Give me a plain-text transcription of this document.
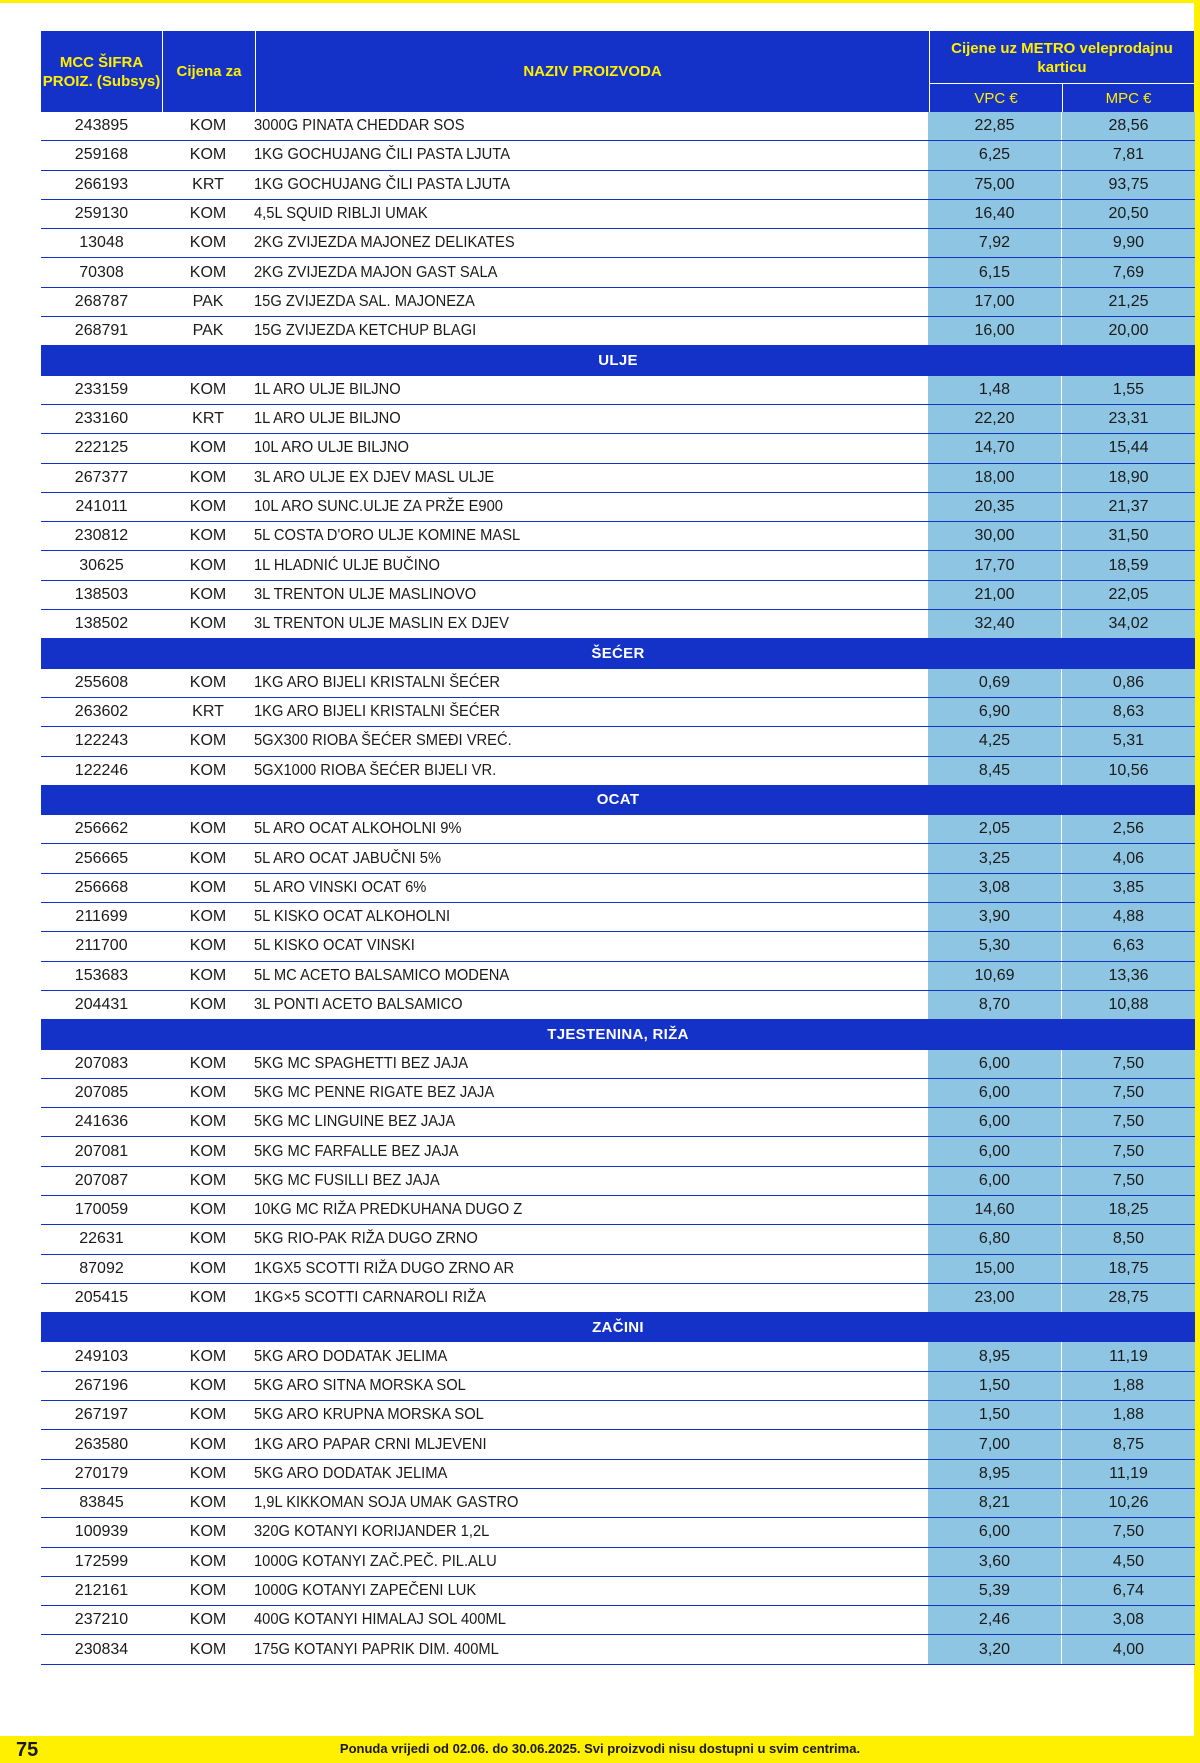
MCC ŠIFRA PROIZ. (Subsys)
Cijena za	NAZIV PROIZVODA
Cijene uz METRO veleprodajnu karticu
VPC €	MPC €
243895	KOM	3000G PINATA CHEDDAR SOS	22,85	28,56
259168	KOM	1KG GOCHUJANG ČILI PASTA LJUTA	6,25	7,81
266193	KRT	1KG GOCHUJANG ČILI PASTA LJUTA	75,00	93,75
259130	KOM	4,5L SQUID RIBLJI UMAK	16,40	20,50
13048	KOM	2KG ZVIJEZDA MAJONEZ DELIKATES	7,92	9,90
70308	KOM	2KG ZVIJEZDA MAJON GAST SALA	6,15	7,69
268787	PAK	15G ZVIJEZDA SAL. MAJONEZA	17,00	21,25
268791	PAK	15G ZVIJEZDA KETCHUP BLAGI	16,00	20,00
ULJE				
233159	KOM	1L ARO ULJE BILJNO	1,48	1,55
233160	KRT	1L ARO ULJE BILJNO	22,20	23,31
222125	KOM	10L ARO ULJE BILJNO	14,70	15,44
267377	KOM	3L ARO ULJE EX DJEV MASL ULJE	18,00	18,90
241011	KOM	10L ARO SUNC.ULJE ZA PRŽE E900	20,35	21,37
230812	KOM	5L COSTA D'ORO ULJE KOMINE MASL	30,00	31,50
30625	KOM	1L HLADNIĆ ULJE BUČINO	17,70	18,59
138503	KOM	3L TRENTON ULJE MASLINOVO	21,00	22,05
138502	KOM	3L TRENTON ULJE MASLIN EX DJEV	32,40	34,02
ŠEĆER				
255608	KOM	1KG ARO BIJELI KRISTALNI ŠEĆER	0,69	0,86
263602	KRT	1KG ARO BIJELI KRISTALNI ŠEĆER	6,90	8,63
122243	KOM	5GX300 RIOBA ŠEĆER SMEĐI VREĆ.	4,25	5,31
122246	KOM	5GX1000 RIOBA ŠEĆER BIJELI VR.	8,45	10,56
OCAT				
256662	KOM	5L ARO OCAT ALKOHOLNI 9%	2,05	2,56
256665	KOM	5L ARO OCAT JABUČNI 5%	3,25	4,06
256668	KOM	5L ARO VINSKI OCAT 6%	3,08	3,85
211699	KOM	5L KISKO OCAT ALKOHOLNI	3,90	4,88
211700	KOM	5L KISKO OCAT VINSKI	5,30	6,63
153683	KOM	5L MC ACETO BALSAMICO MODENA	10,69	13,36
204431	KOM	3L PONTI ACETO BALSAMICO	8,70	10,88
TJESTENINA, RIŽA				
207083	KOM	5KG MC SPAGHETTI BEZ JAJA	6,00	7,50
207085	KOM	5KG MC PENNE RIGATE BEZ JAJA	6,00	7,50
241636	KOM	5KG MC LINGUINE BEZ JAJA	6,00	7,50
207081	KOM	5KG MC FARFALLE BEZ JAJA	6,00	7,50
207087	KOM	5KG MC FUSILLI BEZ JAJA	6,00	7,50
170059	KOM	10KG MC RIŽA PREDKUHANA DUGO Z	14,60	18,25
22631	KOM	5KG RIO-PAK RIŽA DUGO ZRNO	6,80	8,50
87092	KOM	1KGX5 SCOTTI RIŽA DUGO ZRNO AR	15,00	18,75
205415	KOM	1KG×5 SCOTTI CARNAROLI RIŽA	23,00	28,75
ZAČINI				
249103	KOM	5KG ARO DODATAK JELIMA	8,95	11,19
267196	KOM	5KG ARO SITNA MORSKA SOL	1,50	1,88
267197	KOM	5KG ARO KRUPNA MORSKA SOL	1,50	1,88
263580	KOM	1KG ARO PAPAR CRNI MLJEVENI	7,00	8,75
270179	KOM	5KG ARO DODATAK JELIMA	8,95	11,19
83845	KOM	1,9L KIKKOMAN SOJA UMAK GASTRO	8,21	10,26
100939	KOM	320G KOTANYI KORIJANDER 1,2L	6,00	7,50
172599	KOM	1000G KOTANYI ZAČ.PEČ. PIL.ALU	3,60	4,50
212161	KOM	1000G KOTANYI ZAPEČENI LUK	5,39	6,74
237210	KOM	400G KOTANYI HIMALAJ SOL 400ML	2,46	3,08
230834	KOM	175G KOTANYI PAPRIK DIM. 400ML	3,20	4,00
75	Ponuda vrijedi od 02.06. do 30.06.2025. Svi proizvodi nisu dostupni u svim centrima.
